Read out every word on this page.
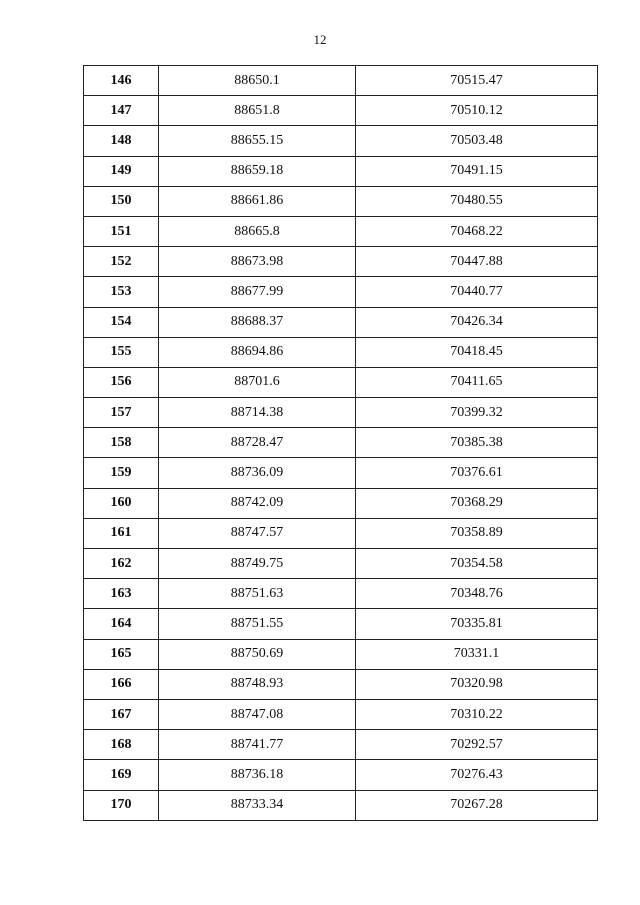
12
146	88650.1	70515.47
147	88651.8	70510.12
148	88655.15	70503.48
149	88659.18	70491.15
150	88661.86	70480.55
151	88665.8	70468.22
152	88673.98	70447.88
153	88677.99	70440.77
154	88688.37	70426.34
155	88694.86	70418.45
156	88701.6	70411.65
157	88714.38	70399.32
158	88728.47	70385.38
159	88736.09	70376.61
160	88742.09	70368.29
161	88747.57	70358.89
162	88749.75	70354.58
163	88751.63	70348.76
164	88751.55	70335.81
165	88750.69	70331.1
166	88748.93	70320.98
167	88747.08	70310.22
168	88741.77	70292.57
169	88736.18	70276.43
170	88733.34	70267.28
